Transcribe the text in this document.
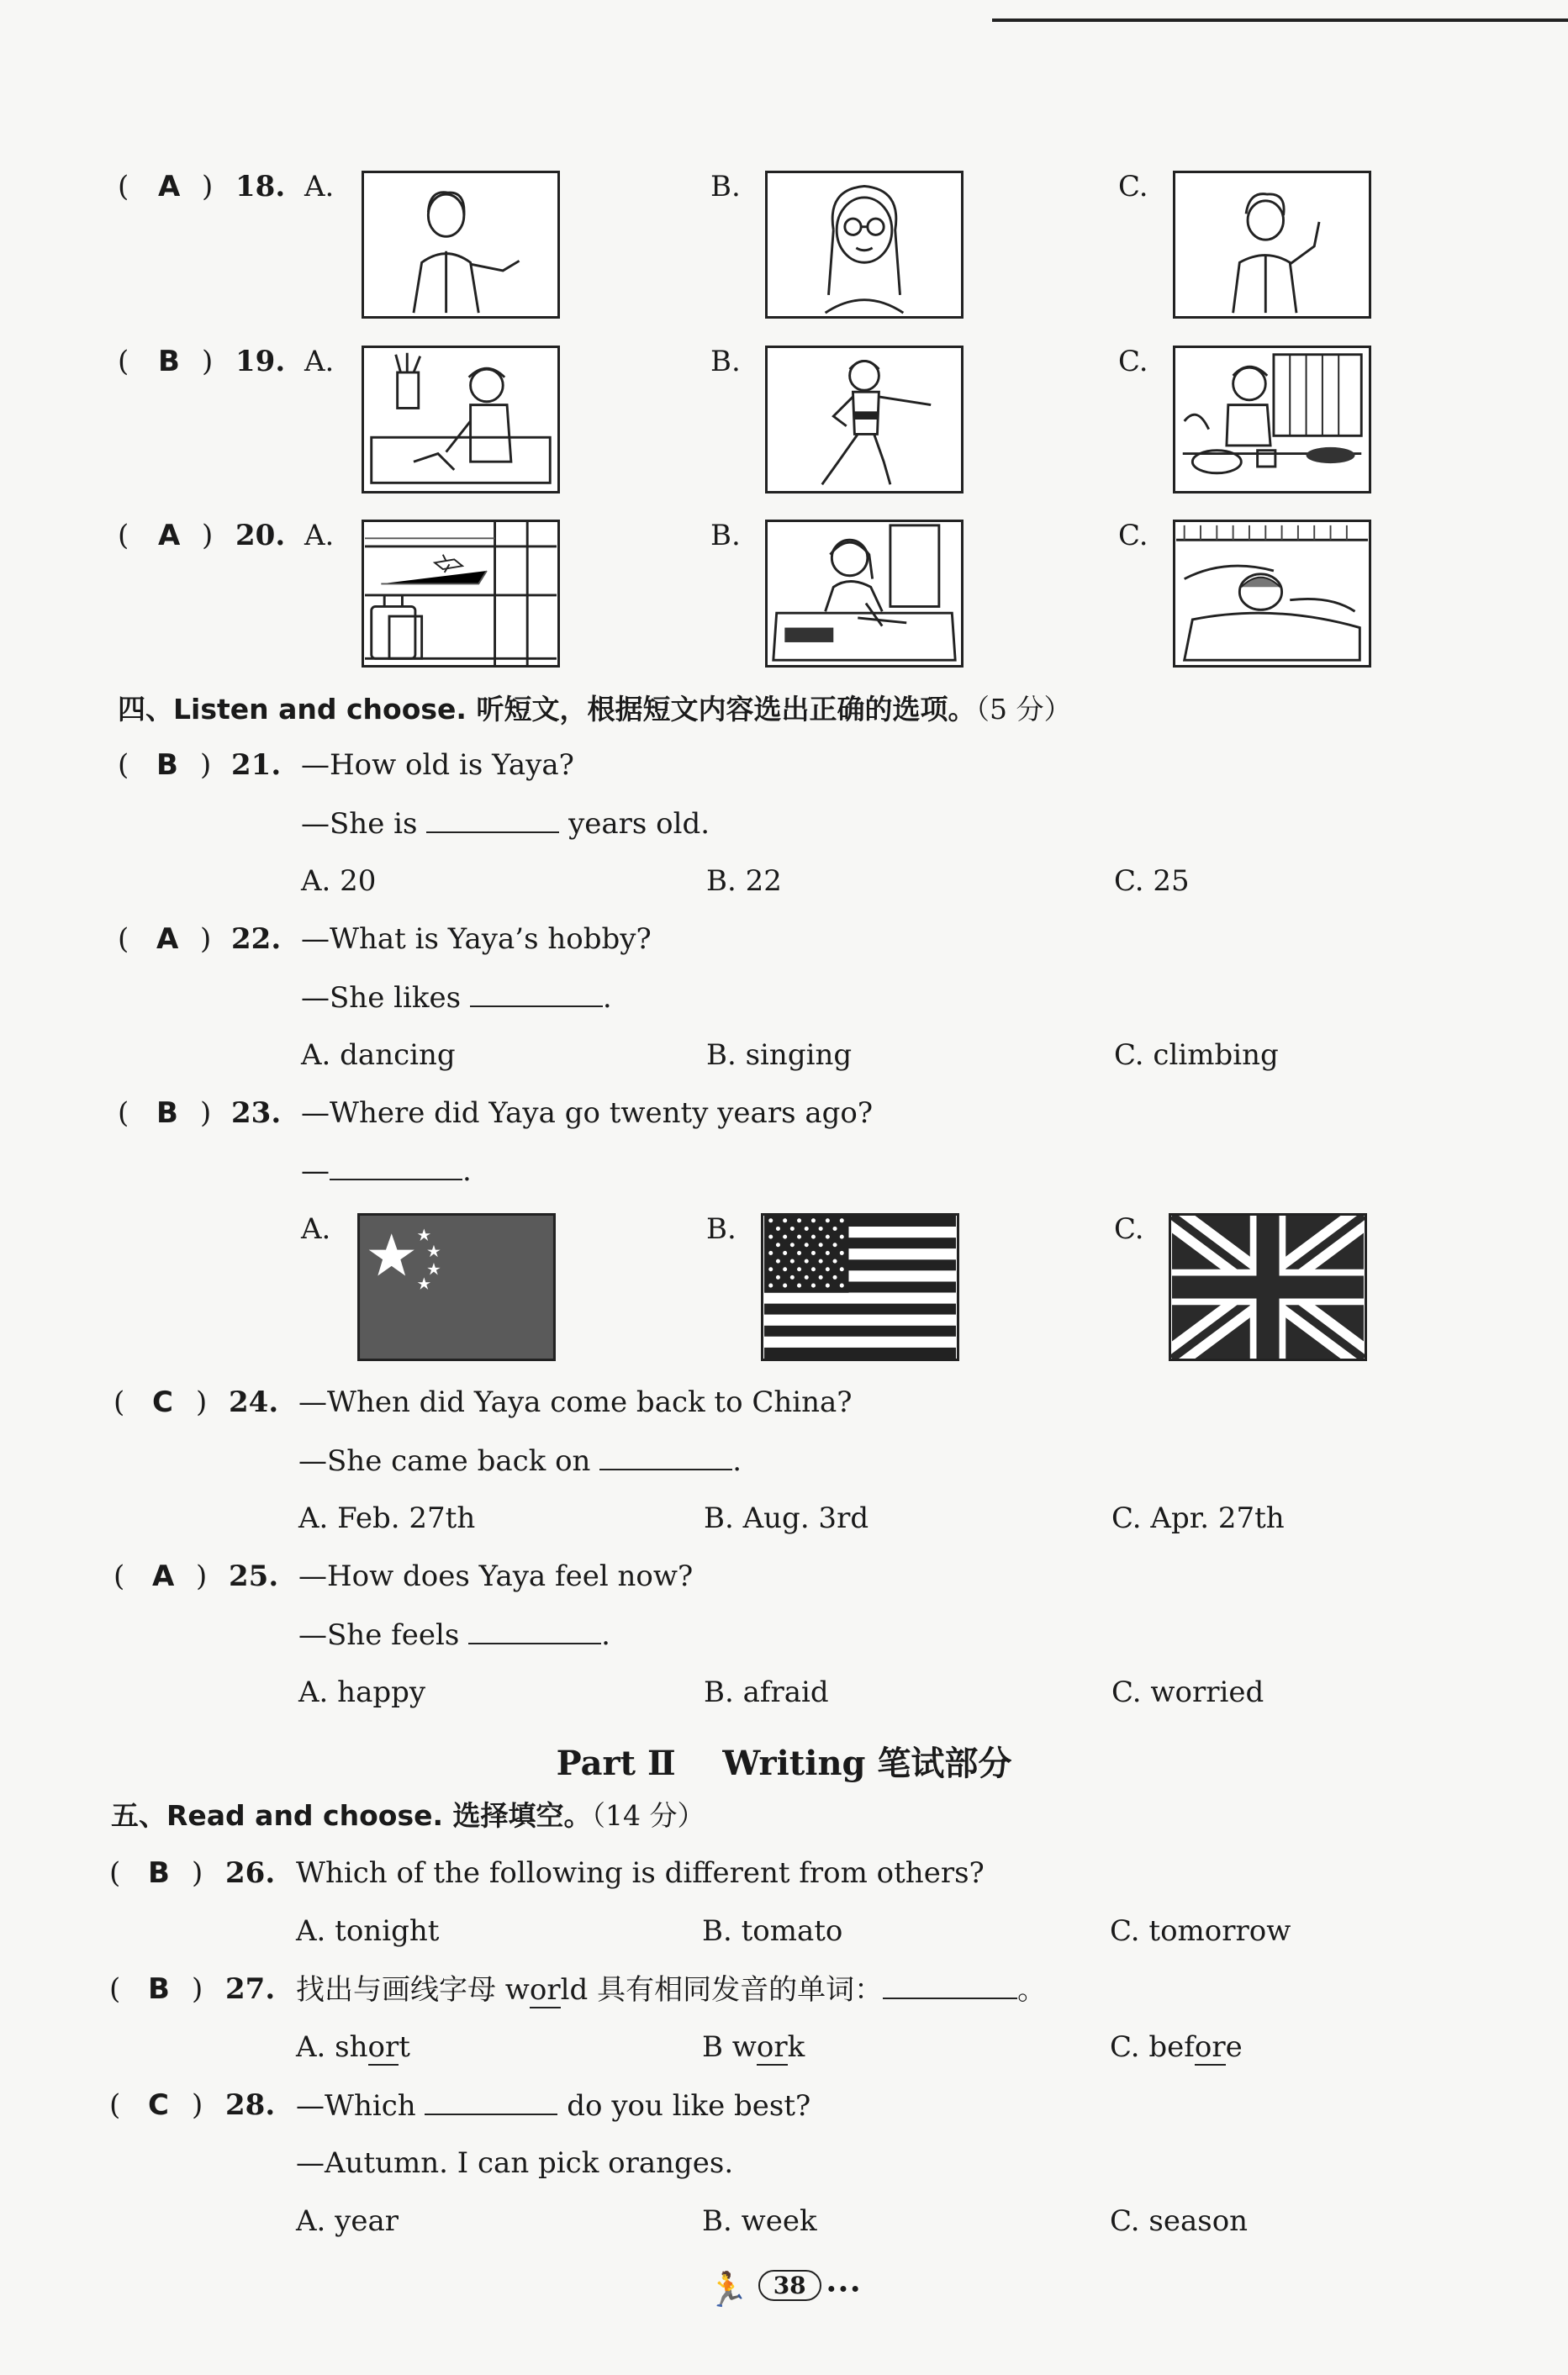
( A ) 18. A.	B.	C.
( B ) 19. A.	B.	C.
( A ) 20. A.	B.	C.
四、Listen and choose. 听短文，根据短文内容选出正确的选项。（5 分）
( B ) 21. —How old is Yaya?
—She is	years old.
A. 20	B. 22	C. 25
( A ) 22. —What is Yaya’s hobby?
—She likes	.
A. dancing	B. singing	C. climbing
( B ) 23. —Where did Yaya go twenty years ago?
—	.
A.	B.	C.
( C ) 24. —When did Yaya come back to China?
—She came back on	.
A. Feb. 27th	B. Aug. 3rd	C. Apr. 27th
( A ) 25. —How does Yaya feel now?
—She feels	.
A. happy	B. afraid	C. worried
Part Ⅱ Writing 笔试部分
五、Read and choose. 选择填空。（14 分）
( B ) 26. Which of the following is different from others?
A. tonight	B. tomato	C. tomorrow
( B ) 27. 找出与画线字母 world 具有相同发音的单词：	。
A. short	B work	C. before
( C ) 28. —Which	do you like best?
—Autumn. I can pick oranges.
A. year	B. week	C. season
🏃 38 •••
